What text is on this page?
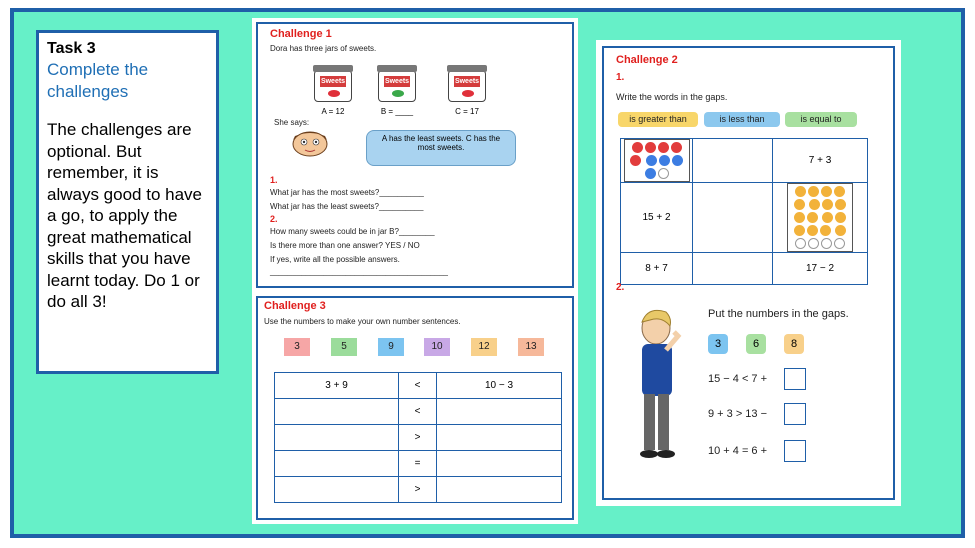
Task 3
Complete the challenges
The challenges are optional. But remember, it is always good to have a go, to apply the great mathematical skills that you have learnt today. Do 1 or do all 3!
Challenge 1
Dora has three jars of sweets.
Sweets	Sweets	Sweets
A = 12	B = ____	C = 17
She says:
A has the least sweets. C has the most sweets.
1.
What jar has the most sweets?__________
What jar has the least sweets?__________
2.
How many sweets could be in jar B?________
Is there more than one answer? YES / NO
If yes, write all the possible answers.
________________________________________
Challenge 3
Use the numbers to make your own number sentences.
3	5	9	10	12	13
3 + 9	<	10 − 3
	<	
	>	
	=	
	>	
Challenge 2
1.
Write the words in the gaps.
is greater than	is less than	is equal to

		7 + 3
15 + 2		

8 + 7		17 − 2
2.
Put the numbers in the gaps.
3	6	8
15 − 4 < 7 +
9 + 3 > 13 −
10 + 4 = 6 +
